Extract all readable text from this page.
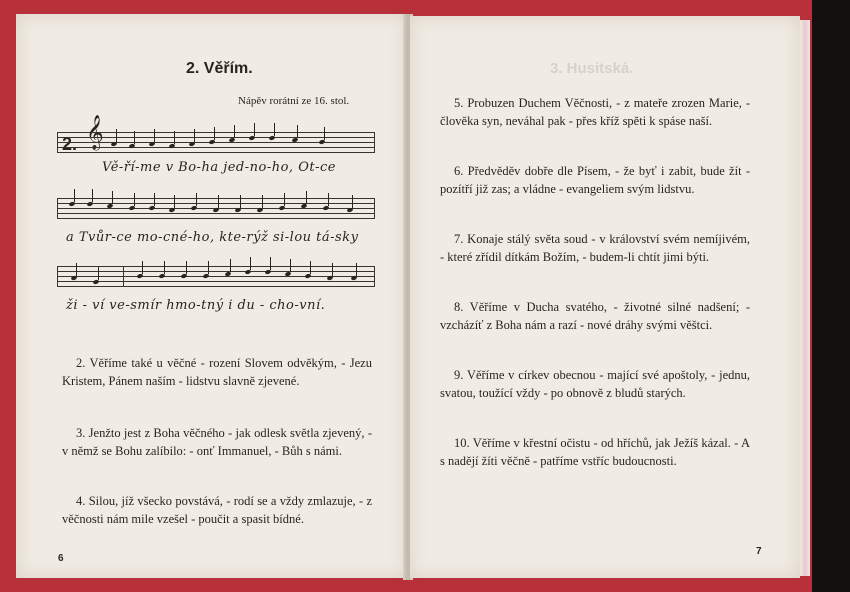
3. Husitská.
2. Věřím.
Nápěv rorátní ze 16. stol.
2. 𝄞
Vě-ří-me v Bo-ha jed-no-ho, Ot-ce
a Tvůr-ce mo-cné-ho, kte-rýž si-lou tá-sky
ži - ví ve-smír hmo-tný i du - cho-vní.
2. Věříme také u věčné - rození Slovem odvěkým, - Jezu Kristem, Pánem naším - lidstvu slavně zjevené.
3. Jenžto jest z Boha věčného - jak odlesk světla zjevený, - v němž se Bohu zalíbilo: - onť Immanuel, - Bůh s námi.
4. Silou, jíž všecko povstává, - rodí se a vždy zmlazuje, - z věčnosti nám mile vzešel - poučit a spasit bídné.
6
5. Probuzen Duchem Věčnosti, - z mateře zrozen Marie, - člověka syn, neváhal pak - přes kříž spěti k spáse naší.
6. Předvěděv dobře dle Písem, - že byť i zabit, bude žít - pozítří již zas; a vládne - evangeliem svým lidstvu.
7. Konaje stálý světa soud - v království svém nemíjivém, - které zřídil dítkám Božím, - budem-li chtít jimi býti.
8. Věříme v Ducha svatého, - životné silné nadšení; - vzcházíť z Boha nám a razí - nové dráhy svými věštci.
9. Věříme v církev obecnou - mající své apoštoly, - jednu, svatou, toužící vždy - po obnově z bludů starých.
10. Věříme v křestní očistu - od hříchů, jak Ježíš kázal. - A s nadějí žíti věčně - patříme vstříc budoucnosti.
7
